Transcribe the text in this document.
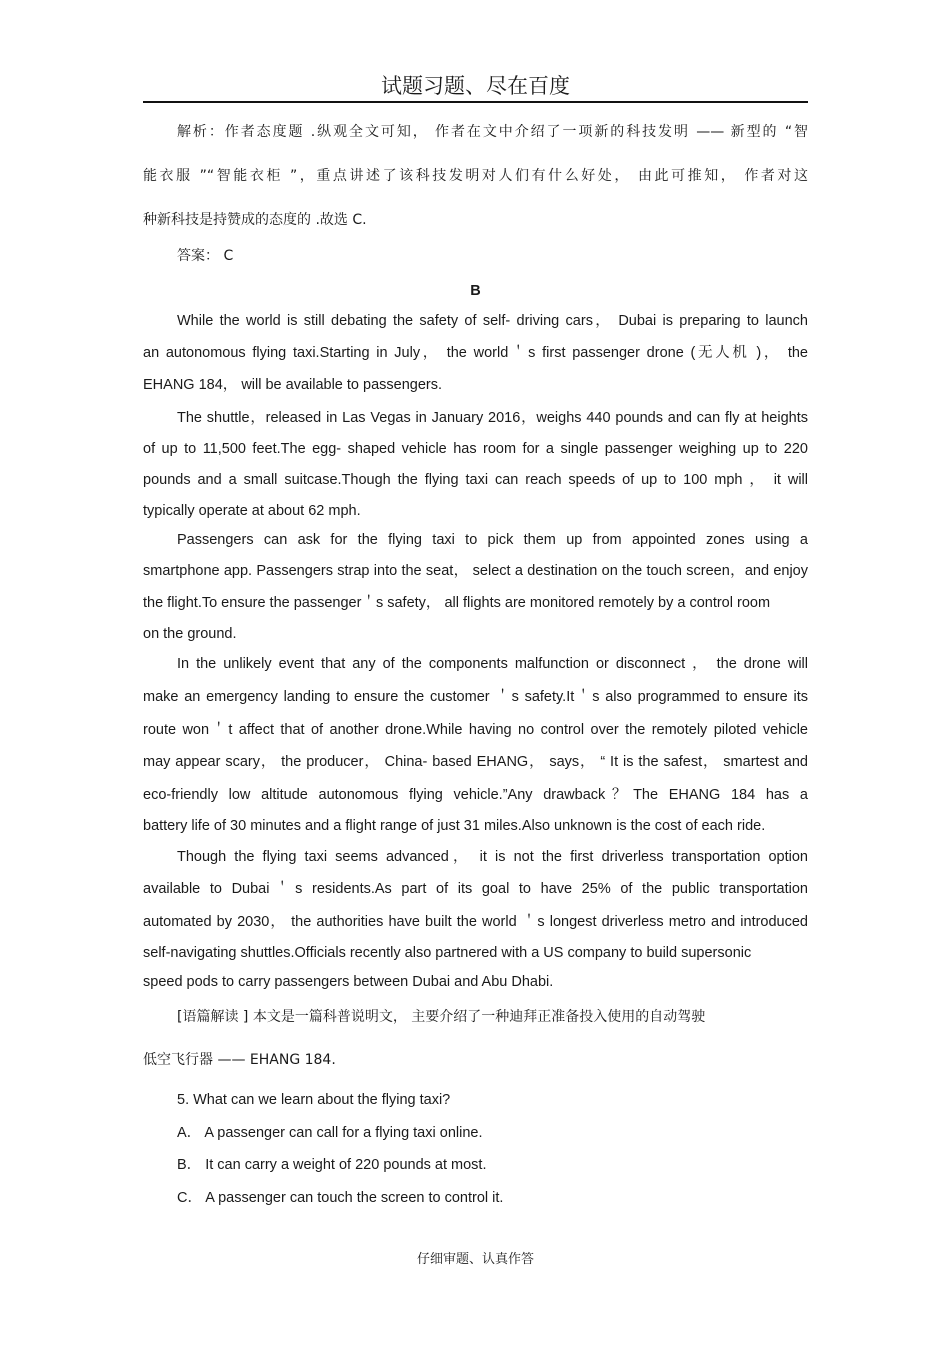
试题习题、尽在百度
解析：作者态度题 .纵观全文可知， 作者在文中介绍了一项新的科技发明 —— 新型的 “智
能衣服 ”“智能衣柜 ”，重点讲述了该科技发明对人们有什么好处， 由此可推知， 作者对这
种新科技是持赞成的态度的 .故选 C.
答案： C
B
While the world is still debating the safety of self- driving cars， Dubai is preparing to launch
an autonomous flying taxi.Starting in July， the world＇s first passenger drone (无人机 )， the
EHANG 184， will be available to passengers.
The shuttle，released in Las Vegas in January 2016，weighs 440 pounds and can fly at heights
of up to 11,500 feet.The egg- shaped vehicle has room for a single passenger weighing up to 220
pounds and a small suitcase.Though the flying taxi can reach speeds of up to 100 mph ， it will
typically operate at about 62 mph.
Passengers can ask for the flying taxi to pick them up from appointed zones using a
smartphone app. Passengers strap into the seat， select a destination on the touch screen，and enjoy
the flight.To ensure the passenger＇s safety， all flights are monitored remotely by a control room
on the ground.
In the unlikely event that any of the components malfunction or disconnect ， the drone will
make an emergency landing to ensure the customer ＇s safety.It＇s also programmed to ensure its
route won＇t affect that of another drone.While having no control over the remotely piloted vehicle
may appear scary， the producer， China- based EHANG， says， “ It is the safest， smartest and
eco-friendly low altitude autonomous flying vehicle.”Any drawback？The EHANG 184 has a
battery life of 30 minutes and a flight range of just 31 miles.Also unknown is the cost of each ride.
Though the flying taxi seems advanced， it is not the first driverless transportation option
available to Dubai＇s residents.As part of its goal to have 25% of the public transportation
automated by 2030， the authorities have built the world ＇s longest driverless metro and introduced
self-navigating shuttles.Officials recently also partnered with a US company to build supersonic
speed pods to carry passengers between Dubai and Abu Dhabi.
[语篇解读 ] 本文是一篇科普说明文， 主要介绍了一种迪拜正准备投入使用的自动驾驶
低空飞行器 —— EHANG 184.
5. What can we learn about the flying taxi?
A． A passenger can call for a flying taxi online.
B． It can carry a weight of 220 pounds at most.
C． A passenger can touch the screen to control it.
仔细审题、认真作答
